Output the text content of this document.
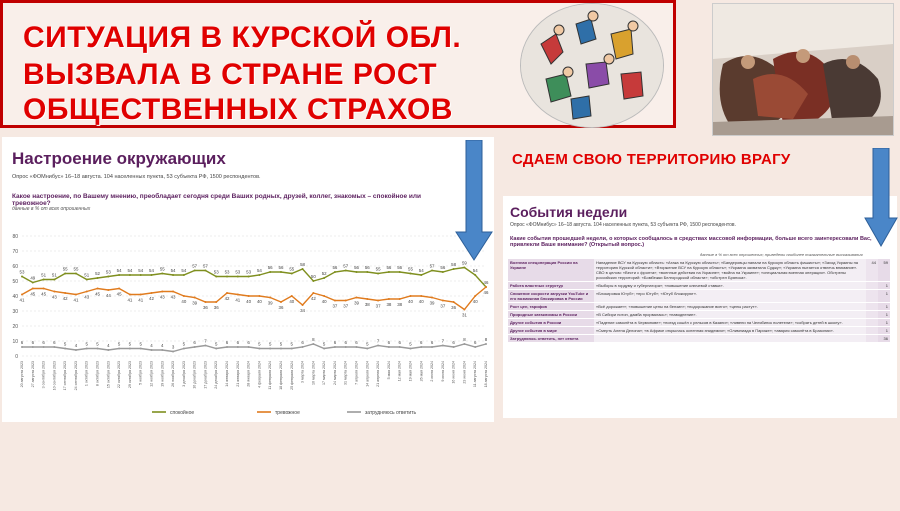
СИТУАЦИЯ В КУРСКОЙ ОБЛ.
ВЫЗВАЛА В СТРАНЕ РОСТ
ОБЩЕСТВЕННЫХ СТРАХОВ
Настроение окружающих
Опрос «ФОМнибус» 16–18 августа. 104 населенных пункта, 53 субъекта РФ, 1500 респондентов.
Какое настроение, по Вашему мнению, преобладает сегодня среди Ваших родных, друзей, коллег, знакомых – спокойное или тревожное?
данные в % от всех опрошенных
0
10
20
30
40
50
60
70
80
20 августа 2023 27 августа 2023 3 сентября 2023 10 сентября 2023 17 сентября 2023 24 сентября 2023 1 октября 2023 8 октября 2023 15 октября 2023 22 октября 2023 29 октября 2023 5 ноября 2023 12 ноября 2023 19 ноября 2023 26 ноября 2023 3 декабря 2023 10 декабря 2023 17 декабря 2023 24 декабря 2023 14 января 2024 21 января 2024 28 января 2024 4 февраля 2024 11 февраля 2024 18 февраля 2024 25 февраля 2024 3 марта 2024 10 марта 2024 17 марта 2024 24 марта 2024 31 марта 2024 7 апреля 2024 14 апреля 2024 21 апреля 2024 5 мая 2024 12 мая 2024 19 мая 2024 26 мая 2024 2 июня 2024 9 июня 2024 16 июня 2024 23 июня 2024 11 августа 2024 18 августа 2024
53
49
51 51
55 55
51 52 53 54 54 54 54 55 54 54
57 57
53 53 53 53 54
56 56 55
58
50
52
56 57 56 56 55 56 56 55 54
57 56
58 59
54
46
41
45 45
43 42 41
43
45 44 45
41 41 42 43 43
40 39
36 36
42 41 40 40 39
36
40
34
42
40
37 37
39 38 37 38 38
40 40 39
37 36
31
40
46
6 6 6 6 5 4 5 5 4 5 5 5 4 4 3
5 6 7
5 6 6 6 5 5 5 5 6
8
5 6 6 6 5
7 6 6 5 6 6 7 6
8
6
8
спокойное	тревожное	затрудняюсь ответить
СДАЕМ СВОЮ ТЕРРИТОРИЮ ВРАГУ
События недели
Опрос «ФОМнибус» 16–18 августа. 104 населенных пункта, 53 субъекта РФ, 1500 респондентов.
Какие события прошедшей недели, о которых сообщалось в средствах массовой информации, больше всего заинтересовали Вас, привлекли Ваше внимание? (Открытый вопрос.)
данные в % от всех опрошенных; приведены наиболее показательные высказывания
Военная спецоперация России на Украине	Нападение ВСУ на Курскую область: «Атака на Курскую область»; «Бандеровцы напали на Курскую область фашисты»; «Заход Украины на территорию Курской области»; «Вторжение ВСУ на Курскую область»; «Украина захватила Суджу»; «Украина пытается отвлечь внимание». СВО в целом: «Вести с фронта»; «военные действия на Украине»; «война на Украине»; «специальная военная операция». Обстрелы российских территорий: «Бомбежки Белгородской области»; «обстрел Брянска».	44	59
Работа властных структур	«Выборы в гордуму и губернатора»; «повышение ключевой ставки».		1
Снижение скорости загрузки YouTube и его возможная блокировка в России	«Блокировка Ютуб»; «про Ютуб»; «Ютуб блокируют».		1
Рост цен, тарифов	«Всё дорожает»; «повышение цены на бензин»; «подорожание всего»; «цены растут».		1
Природные катаклизмы в России	«В Сибири потоп, дамба прорвалась»; «наводнение».		1
Другие события в России	«Падение самолёта в Чермянове»; «поезд сошёл с рельсов в Казани»; «ливени на Челябинск полетели»; «собрать детей в школу».		1
Другие события в мире	«Смерть Алена Делона»; «в Африке открылась оспенная эпидемия»; «Олимпиада в Париже»; «авария самолёта в Бразилии».		1
Затрудняюсь ответить, нет ответа			36
